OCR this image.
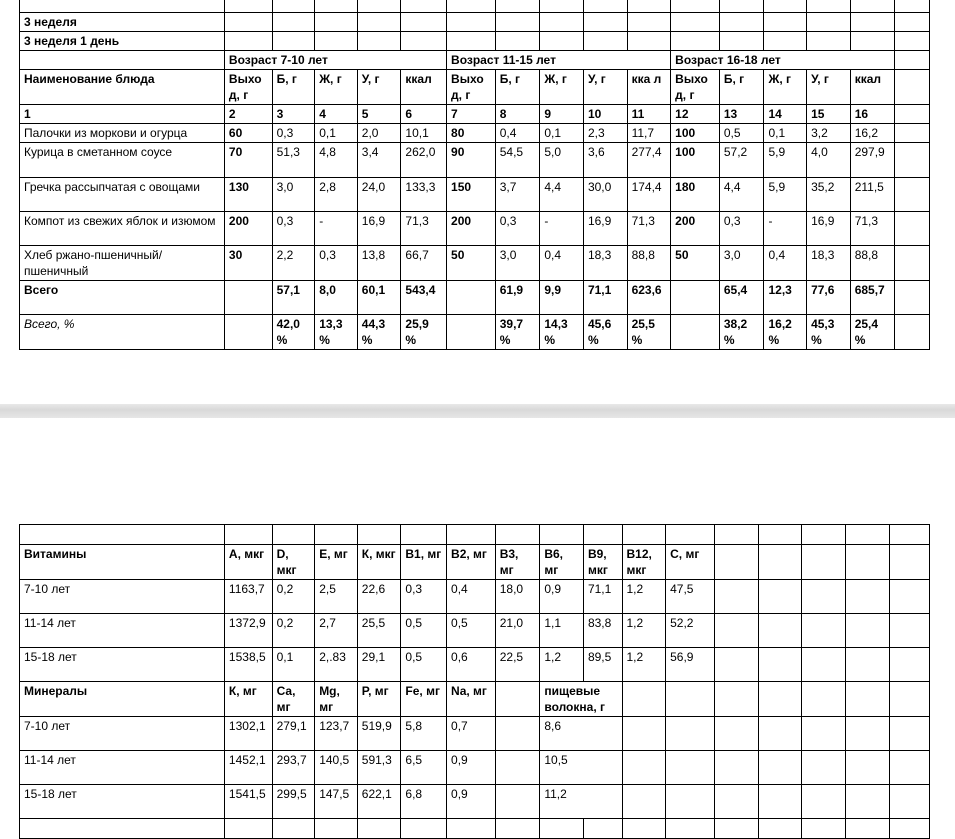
3 неделя																
3 неделя 1 день																
	Возраст 7-10 лет					Возраст 11-15 лет					Возраст 16-18 лет					
Наименование блюда	Выхо д, г	Б, г	Ж, г	У, г	ккал	Выхо д, г	Б, г	Ж, г	У, г	кка л	Выхо д, г	Б, г	Ж, г	У, г	ккал	
1	2	3	4	5	6	7	8	9	10	11	12	13	14	15	16	
Палочки из моркови и огурца	60	0,3	0,1	2,0	10,1	80	0,4	0,1	2,3	11,7	100	0,5	0,1	3,2	16,2	
Курица в сметанном соусе	70	51,3	4,8	3,4	262,0	90	54,5	5,0	3,6	277,4	100	57,2	5,9	4,0	297,9	
Гречка рассыпчатая с овощами	130	3,0	2,8	24,0	133,3	150	3,7	4,4	30,0	174,4	180	4,4	5,9	35,2	211,5	
Компот из свежих яблок и изюмом	200	0,3	-	16,9	71,3	200	0,3	-	16,9	71,3	200	0,3	-	16,9	71,3	
Хлеб ржано-пшеничный/пшеничный	30	2,2	0,3	13,8	66,7	50	3,0	0,4	18,3	88,8	50	3,0	0,4	18,3	88,8	
Всего		57,1	8,0	60,1	543,4		61,9	9,9	71,1	623,6		65,4	12,3	77,6	685,7	
Всего, %		42,0 %	13,3 %	44,3 %	25,9 %		39,7 %	14,3 %	45,6 %	25,5 %		38,2 %	16,2 %	45,3 %	25,4 %	

Витамины	А, мкг	D, мкг	Е, мг	К, мкг	В1, мг	В2, мг	В3, мг	В6, мг	В9, мкг	В12, мкг	С, мг					
7-10 лет	1163,7	0,2	2,5	22,6	0,3	0,4	18,0	0,9	71,1	1,2	47,5					
11-14 лет	1372,9	0,2	2,7	25,5	0,5	0,5	21,0	1,1	83,8	1,2	52,2					
15-18 лет	1538,5	0,1	2,.83	29,1	0,5	0,6	22,5	1,2	89,5	1,2	56,9					
Минералы	К, мг	Са, мг	Mg, мг	Р, мг	Fe, мг	Na, мг		пищевые волокна, г								
7-10 лет	1302,1	279,1	123,7	519,9	5,8	0,7		8,6								
11-14 лет	1452,1	293,7	140,5	591,3	6,5	0,9		10,5								
15-18 лет	1541,5	299,5	147,5	622,1	6,8	0,9		11,2								
